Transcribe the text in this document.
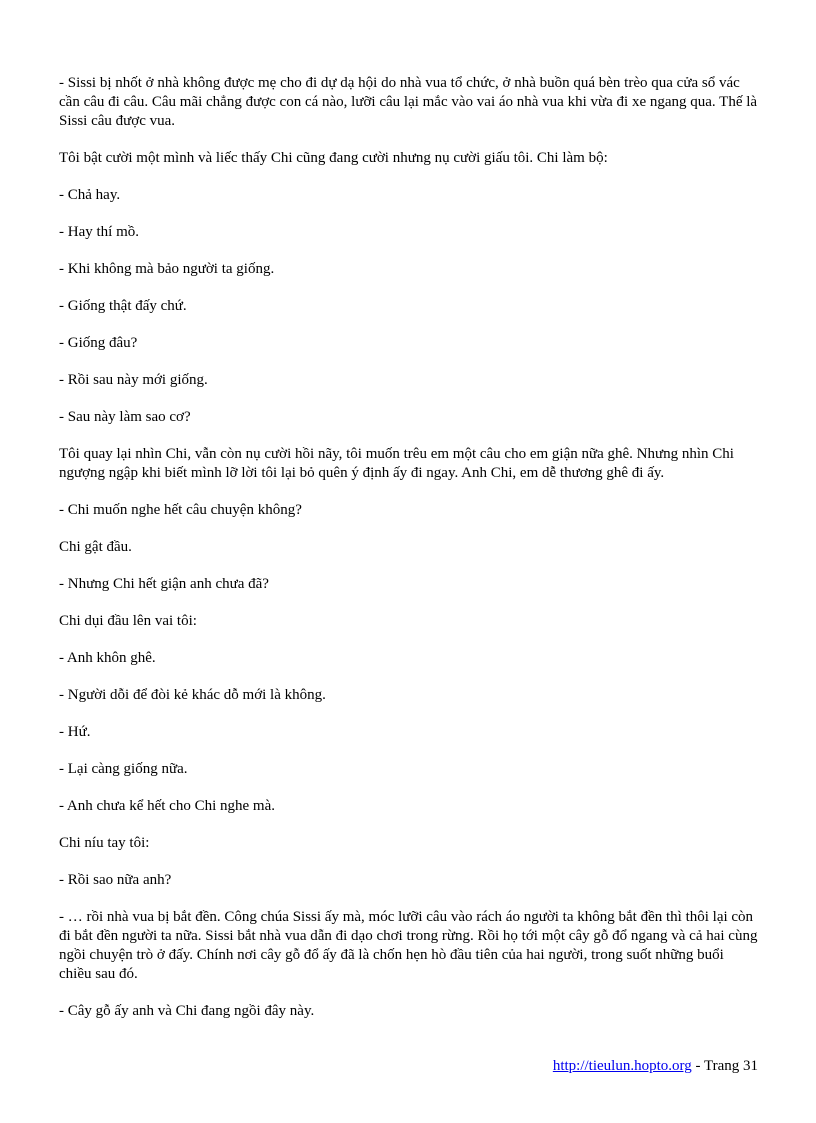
- Sissi bị nhốt ở nhà không được mẹ cho đi dự dạ hội do nhà vua tổ chức, ở nhà buồn quá bèn trèo qua cửa sổ vác cần câu đi câu. Câu mãi chẳng được con cá nào, lưỡi câu lại mắc vào vai áo nhà vua khi vừa đi xe ngang qua. Thế là Sissi câu được vua.

Tôi bật cười một mình và liếc thấy Chi cũng đang cười nhưng nụ cười giấu tôi. Chi làm bộ:

- Chả hay.

- Hay thí mồ.

- Khi không mà bảo người ta giống.

- Giống thật đấy chứ.

- Giống đâu?

- Rồi sau này mới giống.

- Sau này làm sao cơ?

Tôi quay lại nhìn Chi, vẫn còn nụ cười hồi nãy, tôi muốn trêu em một câu cho em giận nữa ghê. Nhưng nhìn Chi ngượng ngập khi biết mình lỡ lời tôi lại bỏ quên ý định ấy đi ngay. Anh Chi, em dễ thương ghê đi ấy.

- Chi muốn nghe hết câu chuyện không?

Chi gật đầu.

- Nhưng Chi hết giận anh chưa đã?

Chi dụi đầu lên vai tôi:

- Anh khôn ghê.

- Người dỗi để đòi kẻ khác dỗ mới là không.

- Hứ.

- Lại càng giống nữa.

- Anh chưa kể hết cho Chi nghe mà.

Chi níu tay tôi:

- Rồi sao nữa anh?

- … rồi nhà vua bị bắt đền. Công chúa Sissi ấy mà, móc lưỡi câu vào rách áo người ta không bắt đền thì thôi lại còn đi bắt đền người ta nữa. Sissi bắt nhà vua dẫn đi dạo chơi trong rừng. Rồi họ tới một cây gỗ đổ ngang và cả hai cùng ngồi chuyện trò ở đấy. Chính nơi cây gỗ đổ ấy đã là chốn hẹn hò đầu tiên của hai người, trong suốt những buổi chiều sau đó.

- Cây gỗ ấy anh và Chi đang ngồi đây này.

http://tieulun.hopto.org - Trang 31
